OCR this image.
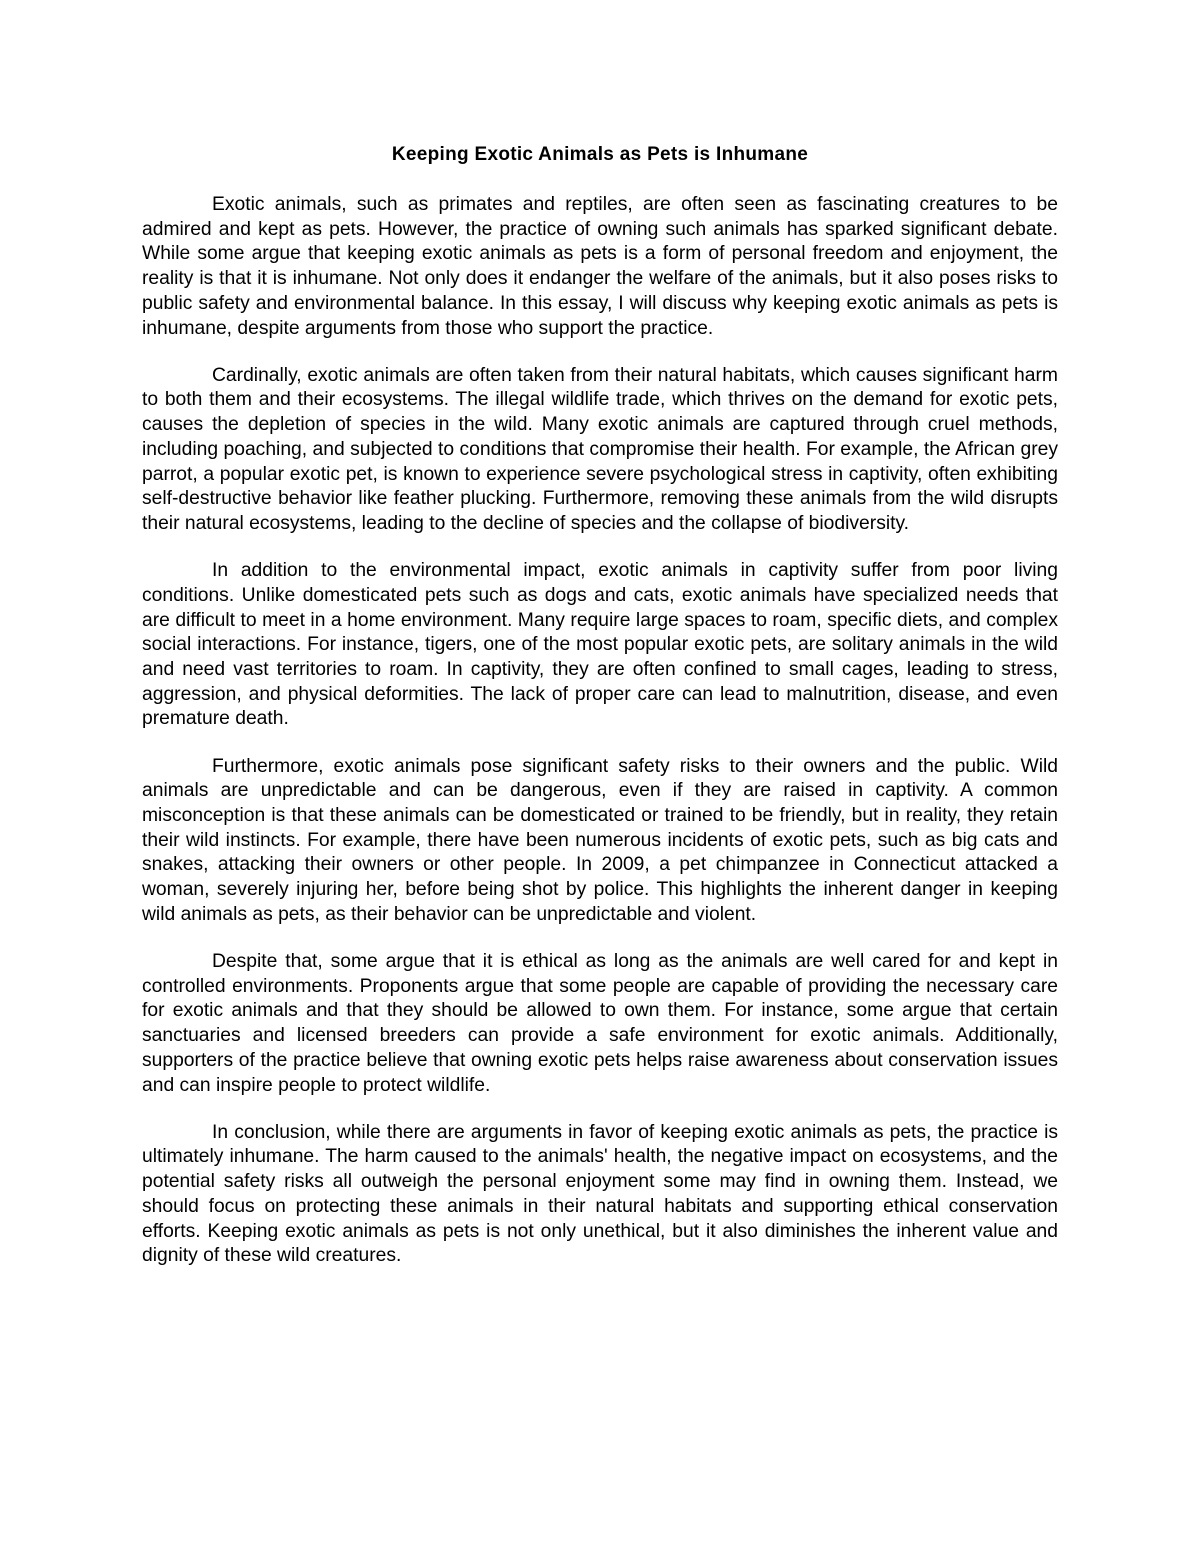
Keeping Exotic Animals as Pets is Inhumane

Exotic animals, such as primates and reptiles, are often seen as fascinating creatures to be admired and kept as pets. However, the practice of owning such animals has sparked significant debate. While some argue that keeping exotic animals as pets is a form of personal freedom and enjoyment, the reality is that it is inhumane. Not only does it endanger the welfare of the animals, but it also poses risks to public safety and environmental balance. In this essay, I will discuss why keeping exotic animals as pets is inhumane, despite arguments from those who support the practice.

Cardinally, exotic animals are often taken from their natural habitats, which causes significant harm to both them and their ecosystems. The illegal wildlife trade, which thrives on the demand for exotic pets, causes the depletion of species in the wild. Many exotic animals are captured through cruel methods, including poaching, and subjected to conditions that compromise their health. For example, the African grey parrot, a popular exotic pet, is known to experience severe psychological stress in captivity, often exhibiting self-destructive behavior like feather plucking. Furthermore, removing these animals from the wild disrupts their natural ecosystems, leading to the decline of species and the collapse of biodiversity.

In addition to the environmental impact, exotic animals in captivity suffer from poor living conditions. Unlike domesticated pets such as dogs and cats, exotic animals have specialized needs that are difficult to meet in a home environment. Many require large spaces to roam, specific diets, and complex social interactions. For instance, tigers, one of the most popular exotic pets, are solitary animals in the wild and need vast territories to roam. In captivity, they are often confined to small cages, leading to stress, aggression, and physical deformities. The lack of proper care can lead to malnutrition, disease, and even premature death.

Furthermore, exotic animals pose significant safety risks to their owners and the public. Wild animals are unpredictable and can be dangerous, even if they are raised in captivity. A common misconception is that these animals can be domesticated or trained to be friendly, but in reality, they retain their wild instincts. For example, there have been numerous incidents of exotic pets, such as big cats and snakes, attacking their owners or other people. In 2009, a pet chimpanzee in Connecticut attacked a woman, severely injuring her, before being shot by police. This highlights the inherent danger in keeping wild animals as pets, as their behavior can be unpredictable and violent.

Despite that, some argue that it is ethical as long as the animals are well cared for and kept in controlled environments. Proponents argue that some people are capable of providing the necessary care for exotic animals and that they should be allowed to own them. For instance, some argue that certain sanctuaries and licensed breeders can provide a safe environment for exotic animals. Additionally, supporters of the practice believe that owning exotic pets helps raise awareness about conservation issues and can inspire people to protect wildlife.

In conclusion, while there are arguments in favor of keeping exotic animals as pets, the practice is ultimately inhumane. The harm caused to the animals' health, the negative impact on ecosystems, and the potential safety risks all outweigh the personal enjoyment some may find in owning them. Instead, we should focus on protecting these animals in their natural habitats and supporting ethical conservation efforts. Keeping exotic animals as pets is not only unethical, but it also diminishes the inherent value and dignity of these wild creatures.
